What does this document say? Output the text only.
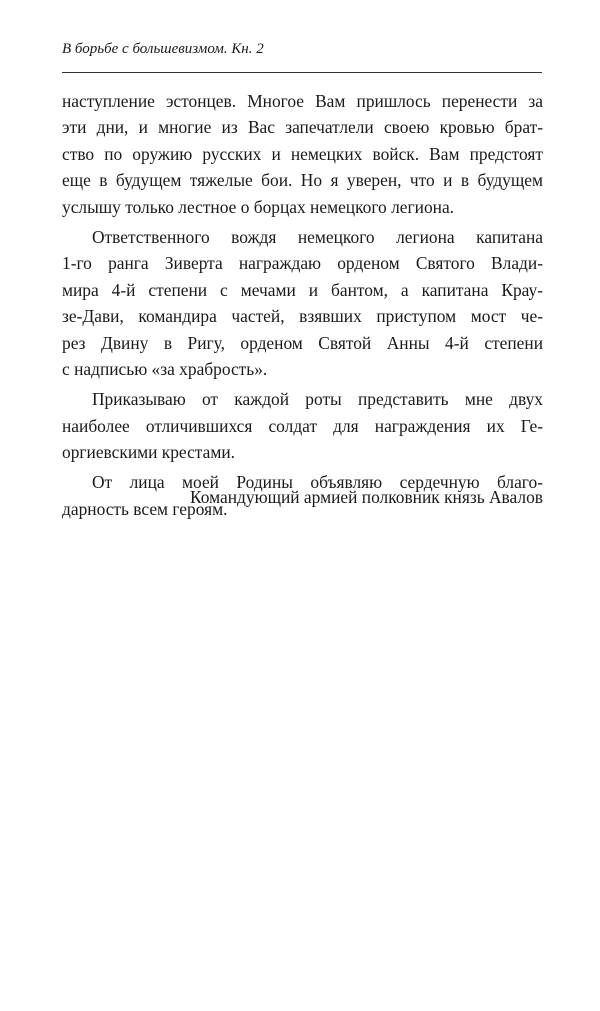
В борьбе с большевизмом. Кн. 2

наступление эстонцев. Многое Вам пришлось перенести за
эти дни, и многие из Вас запечатлели своею кровью брат-
ство по оружию русских и немецких войск. Вам предстоят
еще в будущем тяжелые бои. Но я уверен, что и в будущем
услышу только лестное о борцах немецкого легиона.

Ответственного вождя немецкого легиона капитана
1-го ранга Зиверта награждаю орденом Святого Влади-
мира 4-й степени с мечами и бантом, а капитана Крау-
зе-Дави, командира частей, взявших приступом мост че-
рез Двину в Ригу, орденом Святой Анны 4-й степени
с надписью «за храбрость».

Приказываю от каждой роты представить мне двух
наиболее отличившихся солдат для награждения их Ге-
оргиевскими крестами.

От лица моей Родины объявляю сердечную благо-
дарность всем героям.

Командующий армией полковник князь Авалов
